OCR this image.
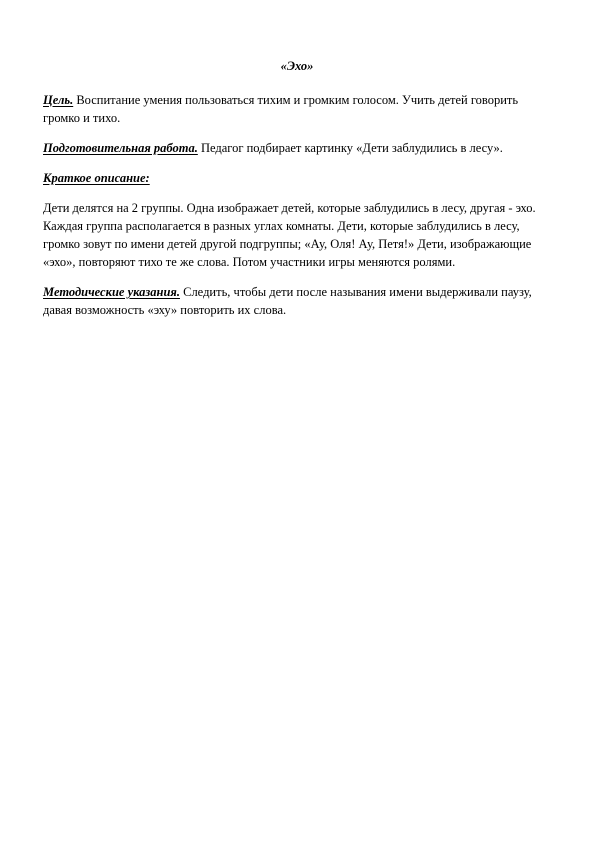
«Эхо»

Цель. Воспитание умения пользоваться тихим и громким голосом. Учить детей говорить громко и тихо.

Подготовительная работа. Педагог подбирает картинку «Дети заблудились в лесу».

Краткое описание:

Дети делятся на 2 группы. Одна изображает детей, которые заблудились в лесу, другая - эхо. Каждая группа располагается в разных углах комнаты. Дети, которые заблудились в лесу, громко зовут по имени детей другой подгруппы; «Ау, Оля! Ау, Петя!» Дети, изображающие «эхо», повторяют тихо те же слова. Потом участники игры меняются ролями.

Методические указания. Следить, чтобы дети после называния имени выдерживали паузу, давая возможность «эху» повторить их слова.
